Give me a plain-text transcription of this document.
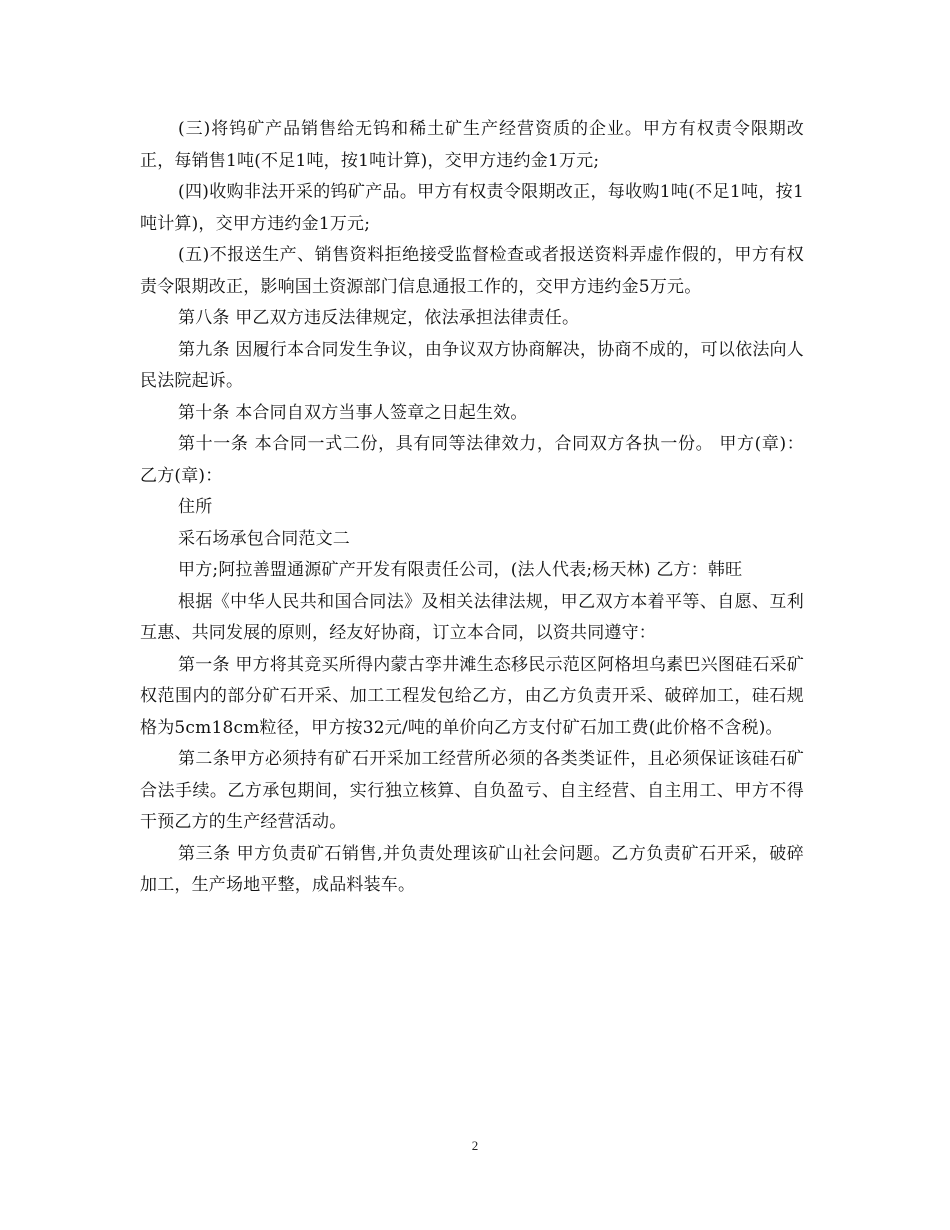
(三)将钨矿产品销售给无钨和稀土矿生产经营资质的企业。甲方有权责令限期改正，每销售1吨(不足1吨，按1吨计算)，交甲方违约金1万元;

(四)收购非法开采的钨矿产品。甲方有权责令限期改正，每收购1吨(不足1吨，按1吨计算)，交甲方违约金1万元;

(五)不报送生产、销售资料拒绝接受监督检查或者报送资料弄虚作假的，甲方有权责令限期改正，影响国土资源部门信息通报工作的，交甲方违约金5万元。

第八条 甲乙双方违反法律规定，依法承担法律责任。

第九条 因履行本合同发生争议，由争议双方协商解决，协商不成的，可以依法向人民法院起诉。

第十条 本合同自双方当事人签章之日起生效。

第十一条 本合同一式二份，具有同等法律效力，合同双方各执一份。 甲方(章)： 乙方(章)：

住所

采石场承包合同范文二

甲方;阿拉善盟通源矿产开发有限责任公司，(法人代表;杨天林) 乙方：韩旺

根据《中华人民共和国合同法》及相关法律法规，甲乙双方本着平等、自愿、互利互惠、共同发展的原则，经友好协商，订立本合同，以资共同遵守：

第一条 甲方将其竞买所得内蒙古孪井滩生态移民示范区阿格坦乌素巴兴图硅石采矿权范围内的部分矿石开采、加工工程发包给乙方，由乙方负责开采、破碎加工，硅石规格为5cm18cm粒径，甲方按32元/吨的单价向乙方支付矿石加工费(此价格不含税)。

第二条甲方必须持有矿石开采加工经营所必须的各类类证件，且必须保证该硅石矿合法手续。乙方承包期间，实行独立核算、自负盈亏、自主经营、自主用工、甲方不得干预乙方的生产经营活动。

第三条 甲方负责矿石销售,并负责处理该矿山社会问题。乙方负责矿石开采，破碎加工，生产场地平整，成品料装车。

2
